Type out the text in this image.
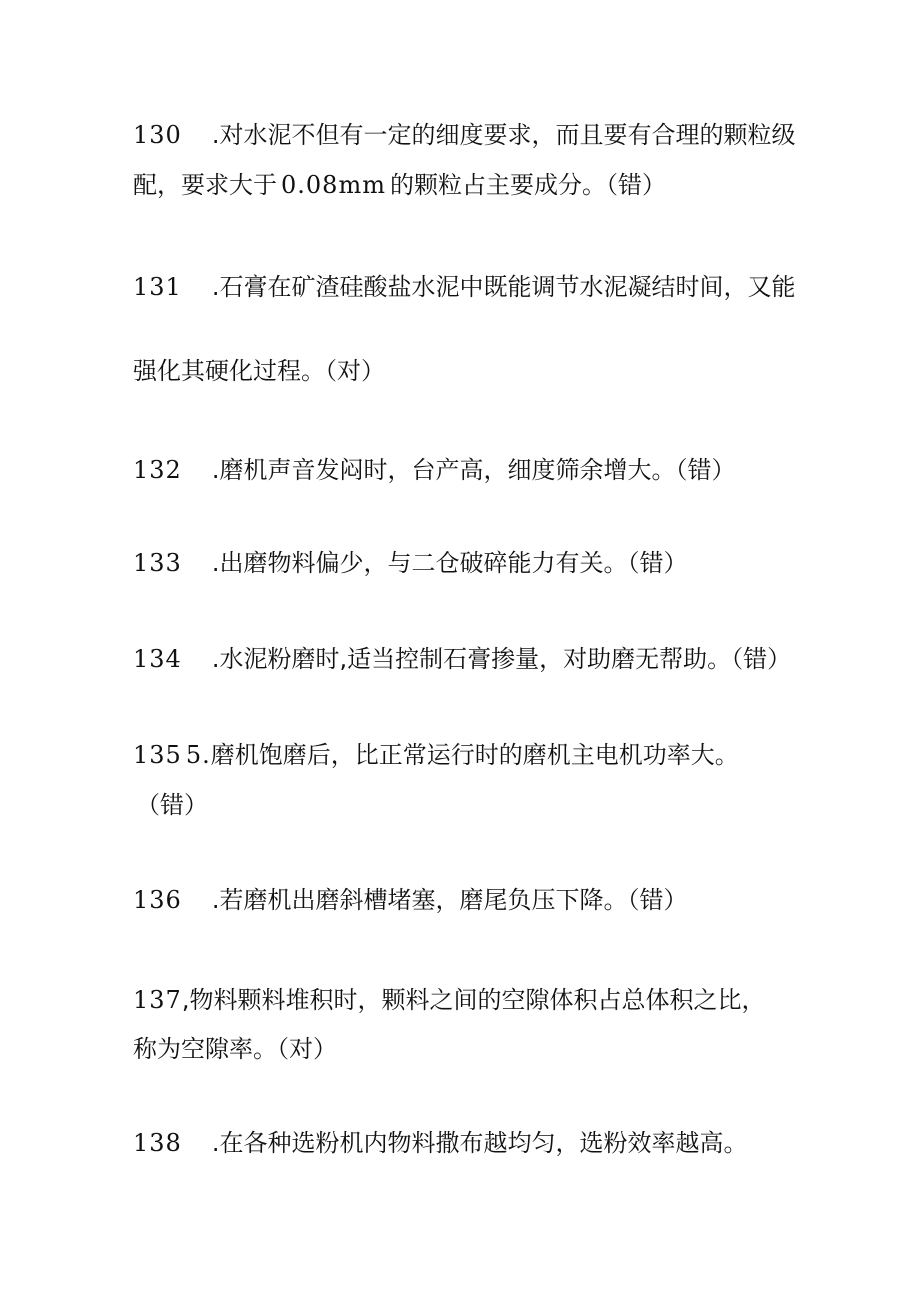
130 .对水泥不但有一定的细度要求，而且要有合理的颗粒级
配，要求大于 0.08mm 的颗粒占主要成分。（错）
131 .石膏在矿渣硅酸盐水泥中既能调节水泥凝结时间，又能
强化其硬化过程。（对）
132 .磨机声音发闷时，台产高，细度筛余增大。（错）
133 .出磨物料偏少，与二仓破碎能力有关。（错）
134 .水泥粉磨时,适当控制石膏掺量，对助磨无帮助。（错）
135 5.磨机饱磨后，比正常运行时的磨机主电机功率大。
（错）
136 .若磨机出磨斜槽堵塞，磨尾负压下降。（错）
137,物料颗料堆积时，颗料之间的空隙体积占总体积之比，
称为空隙率。（对）
138 .在各种选粉机内物料撒布越均匀，选粉效率越高。
